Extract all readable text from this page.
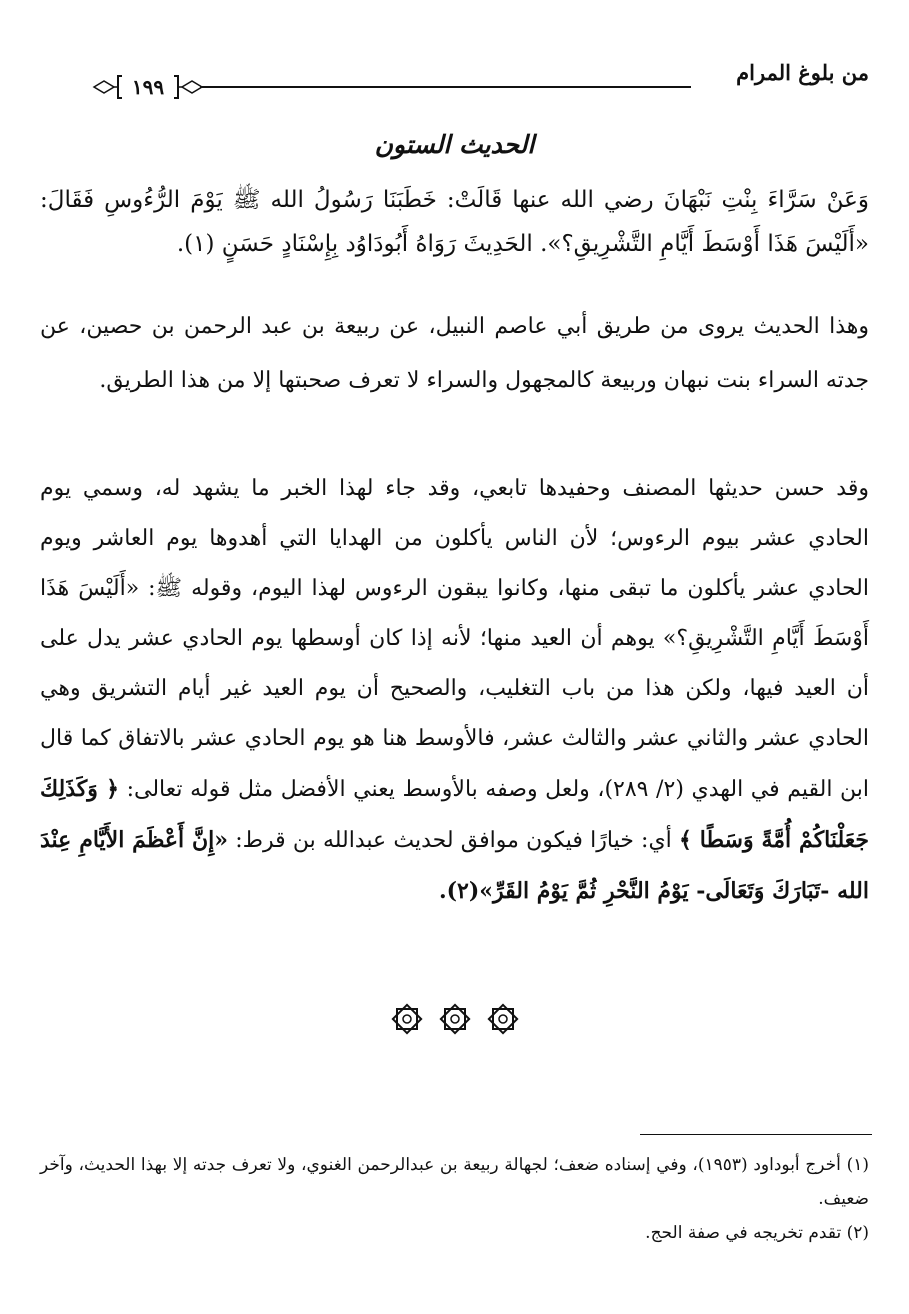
من بلوغ المرام
١٩٩
الحديث الستون
وَعَنْ سَرَّاءَ بِنْتِ نَبْهَانَ رضي الله عنها قَالَتْ: خَطَبَنَا رَسُولُ الله ﷺ يَوْمَ الرُّءُوسِ فَقَالَ: «أَلَيْسَ هَذَا أَوْسَطَ أَيَّامِ التَّشْرِيقِ؟». الحَدِيثَ رَوَاهُ أَبُودَاوُد بِإِسْنَادٍ حَسَنٍ (١).
وهذا الحديث يروى من طريق أبي عاصم النبيل، عن ربيعة بن عبد الرحمن بن حصين، عن جدته السراء بنت نبهان وربيعة كالمجهول والسراء لا تعرف صحبتها إلا من هذا الطريق.
وقد حسن حديثها المصنف وحفيدها تابعي، وقد جاء لهذا الخبر ما يشهد له، وسمي يوم الحادي عشر بيوم الرءوس؛ لأن الناس يأكلون من الهدايا التي أهدوها يوم العاشر ويوم الحادي عشر يأكلون ما تبقى منها، وكانوا يبقون الرءوس لهذا اليوم، وقوله ﷺ: «أَلَيْسَ هَذَا أَوْسَطَ أَيَّامِ التَّشْرِيقِ؟» يوهم أن العيد منها؛ لأنه إذا كان أوسطها يوم الحادي عشر يدل على أن العيد فيها، ولكن هذا من باب التغليب، والصحيح أن يوم العيد غير أيام التشريق وهي الحادي عشر والثاني عشر والثالث عشر، فالأوسط هنا هو يوم الحادي عشر بالاتفاق كما قال ابن القيم في الهدي (٢/ ٢٨٩)، ولعل وصفه بالأوسط يعني الأفضل مثل قوله تعالى: ﴿ وَكَذَلِكَ جَعَلْنَاكُمْ أُمَّةً وَسَطًا ﴾ أي: خيارًا فيكون موافق لحديث عبدالله بن قرط: «إِنَّ أَعْظَمَ الأَيَّامِ عِنْدَ الله -تَبَارَكَ وَتَعَالَى- يَوْمُ النَّحْرِ ثُمَّ يَوْمُ القَرِّ»(٢).

(١) أخرج أبوداود (١٩٥٣)، وفي إسناده ضعف؛ لجهالة ربيعة بن عبدالرحمن الغنوي، ولا تعرف جدته إلا بهذا الحديث، وآخر ضعيف.

(٢) تقدم تخريجه في صفة الحج.
